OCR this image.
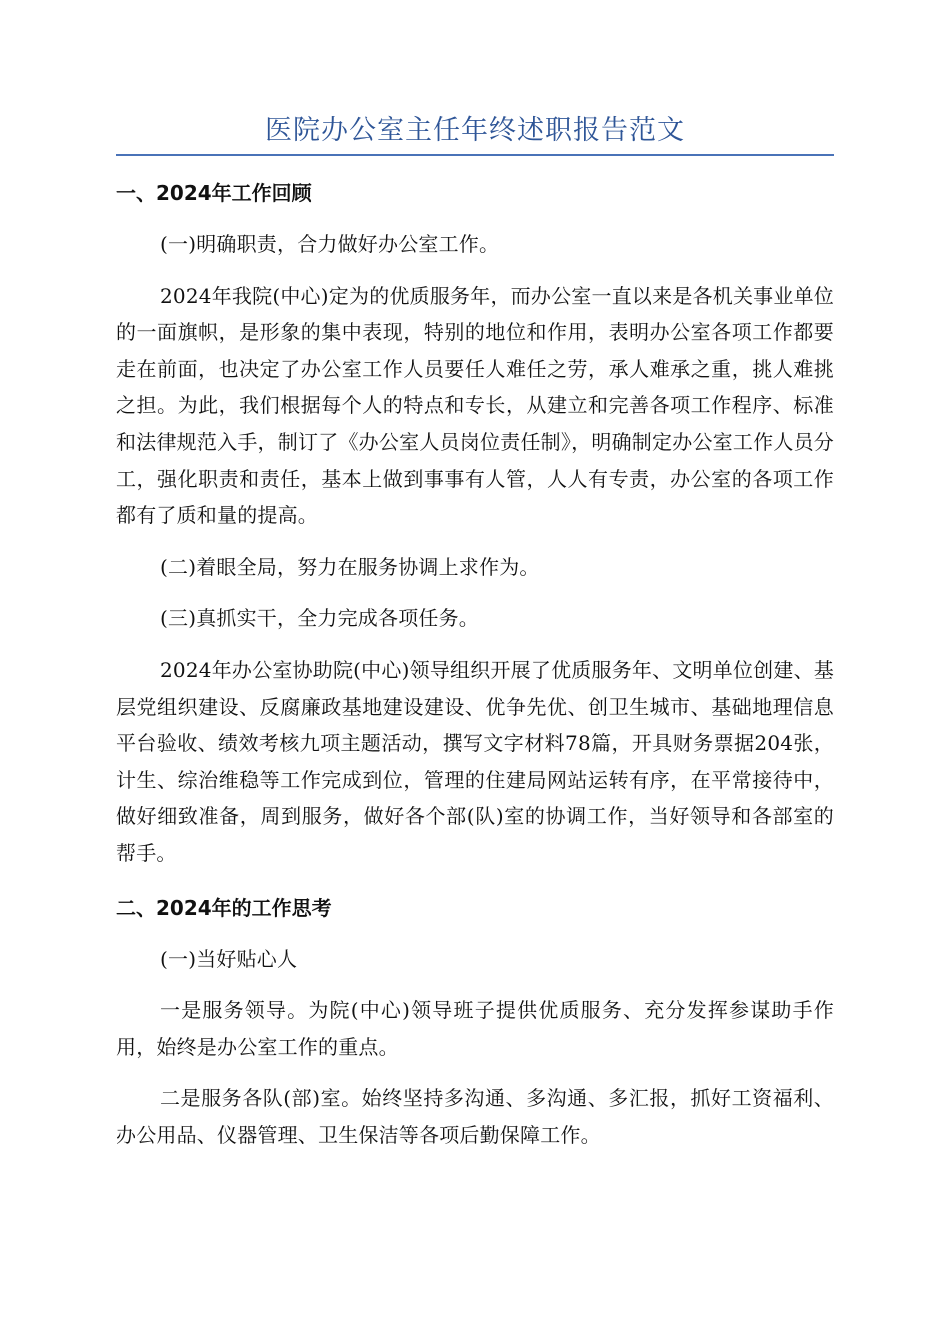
医院办公室主任年终述职报告范文
一、2024年工作回顾

(一)明确职责，合力做好办公室工作。

2024年我院(中心)定为的优质服务年，而办公室一直以来是各机关事业单位的一面旗帜，是形象的集中表现，特别的地位和作用，表明办公室各项工作都要走在前面，也决定了办公室工作人员要任人难任之劳，承人难承之重，挑人难挑之担。为此，我们根据每个人的特点和专长，从建立和完善各项工作程序、标准和法律规范入手，制订了《办公室人员岗位责任制》，明确制定办公室工作人员分工，强化职责和责任，基本上做到事事有人管，人人有专责，办公室的各项工作都有了质和量的提高。

(二)着眼全局，努力在服务协调上求作为。

(三)真抓实干，全力完成各项任务。

2024年办公室协助院(中心)领导组织开展了优质服务年、文明单位创建、基层党组织建设、反腐廉政基地建设建设、优争先优、创卫生城市、基础地理信息平台验收、绩效考核九项主题活动，撰写文字材料78篇，开具财务票据204张，计生、综治维稳等工作完成到位，管理的住建局网站运转有序，在平常接待中，做好细致准备，周到服务，做好各个部(队)室的协调工作，当好领导和各部室的帮手。

二、2024年的工作思考

(一)当好贴心人

一是服务领导。为院(中心)领导班子提供优质服务、充分发挥参谋助手作用，始终是办公室工作的重点。

二是服务各队(部)室。始终坚持多沟通、多沟通、多汇报，抓好工资福利、办公用品、仪器管理、卫生保洁等各项后勤保障工作。
